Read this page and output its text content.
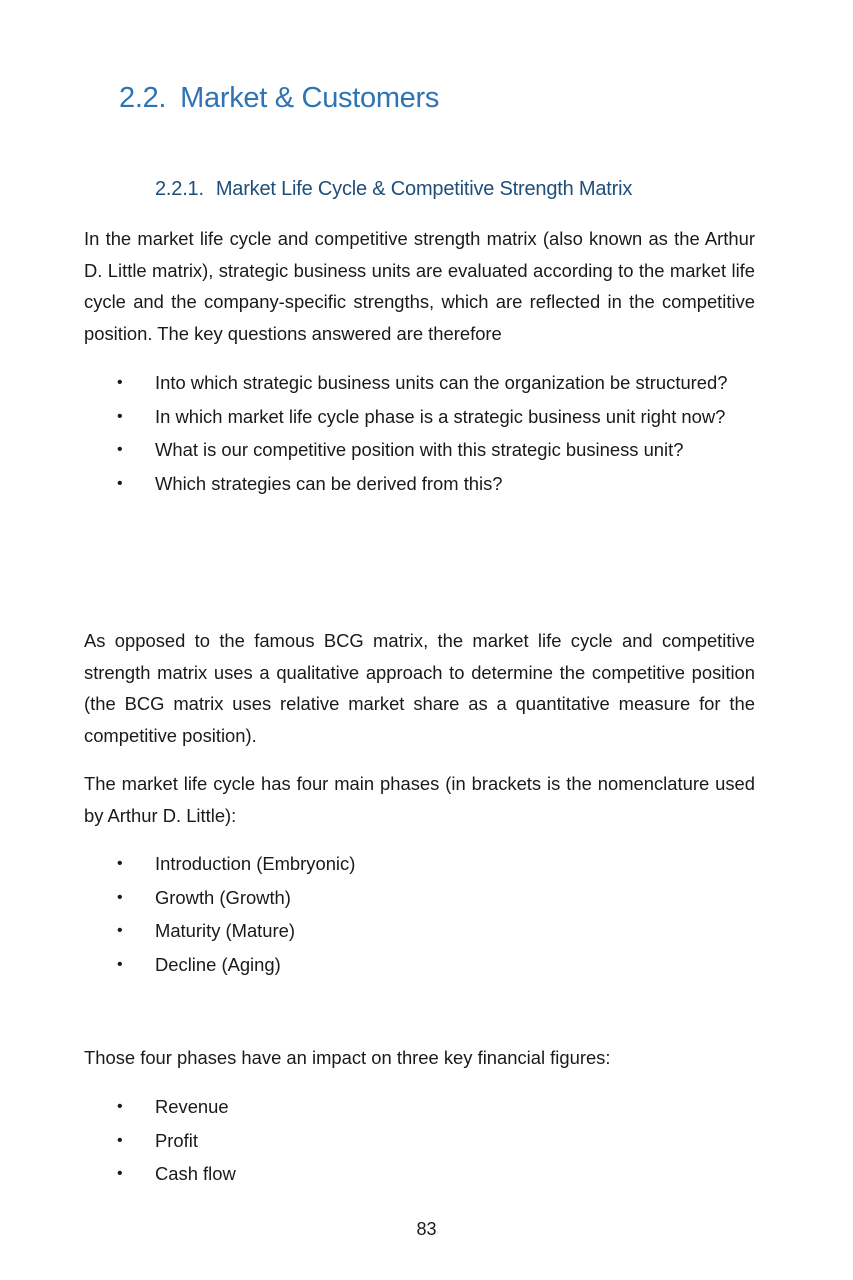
2.2. Market & Customers
2.2.1. Market Life Cycle & Competitive Strength Matrix

In the market life cycle and competitive strength matrix (also known as the Arthur D. Little matrix), strategic business units are evaluated according to the market life cycle and the company-specific strengths, which are reflected in the competitive position. The key questions answered are therefore

• Into which strategic business units can the organization be structured?
• In which market life cycle phase is a strategic business unit right now?
• What is our competitive position with this strategic business unit?
• Which strategies can be derived from this?

As opposed to the famous BCG matrix, the market life cycle and competitive strength matrix uses a qualitative approach to determine the competitive position (the BCG matrix uses relative market share as a quantitative measure for the competitive position).

The market life cycle has four main phases (in brackets is the nomenclature used by Arthur D. Little):

• Introduction (Embryonic)
• Growth (Growth)
• Maturity (Mature)
• Decline (Aging)

Those four phases have an impact on three key financial figures:

• Revenue
• Profit
• Cash flow
83
